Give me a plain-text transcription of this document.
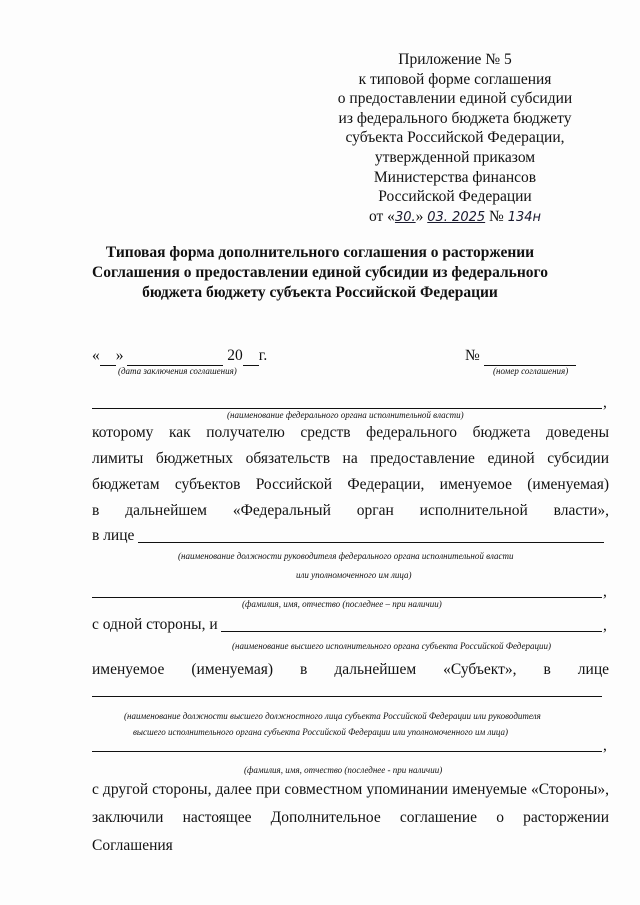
Приложение № 5
к типовой форме соглашения
о предоставлении единой субсидии
из федерального бюджета бюджету
субъекта Российской Федерации,
утвержденной приказом
Министерства финансов
Российской Федерации
от «30.» 03. 2025 № 134н
Типовая форма дополнительного соглашения о расторжении Соглашения о предоставлении единой субсидии из федерального бюджета бюджету субъекта Российской Федерации
« »	20 г.
(дата заключения соглашения)
№
(номер соглашения)
,
(наименование федерального органа исполнительной власти)
которому как получателю средств федерального бюджета доведены
лимиты бюджетных обязательств на предоставление единой субсидии
бюджетам субъектов Российской Федерации, именуемое (именуемая)
в дальнейшем «Федеральный орган исполнительной власти»,
в лице
(наименование должности руководителя федерального органа исполнительной власти
или уполномоченного им лица)
,
(фамилия, имя, отчество (последнее – при наличии)
с одной стороны, и	,
(наименование высшего исполнительного органа субъекта Российской Федерации)
именуемое (именуемая) в дальнейшем «Субъект», в лице
(наименование должности высшего должностного лица субъекта Российской Федерации или руководителя
высшего исполнительного органа субъекта Российской Федерации или уполномоченного им лица)
,
(фамилия, имя, отчество (последнее - при наличии)
с другой стороны, далее при совместном упоминании именуемые «Стороны»,
заключили настоящее Дополнительное соглашение о расторжении Соглашения
